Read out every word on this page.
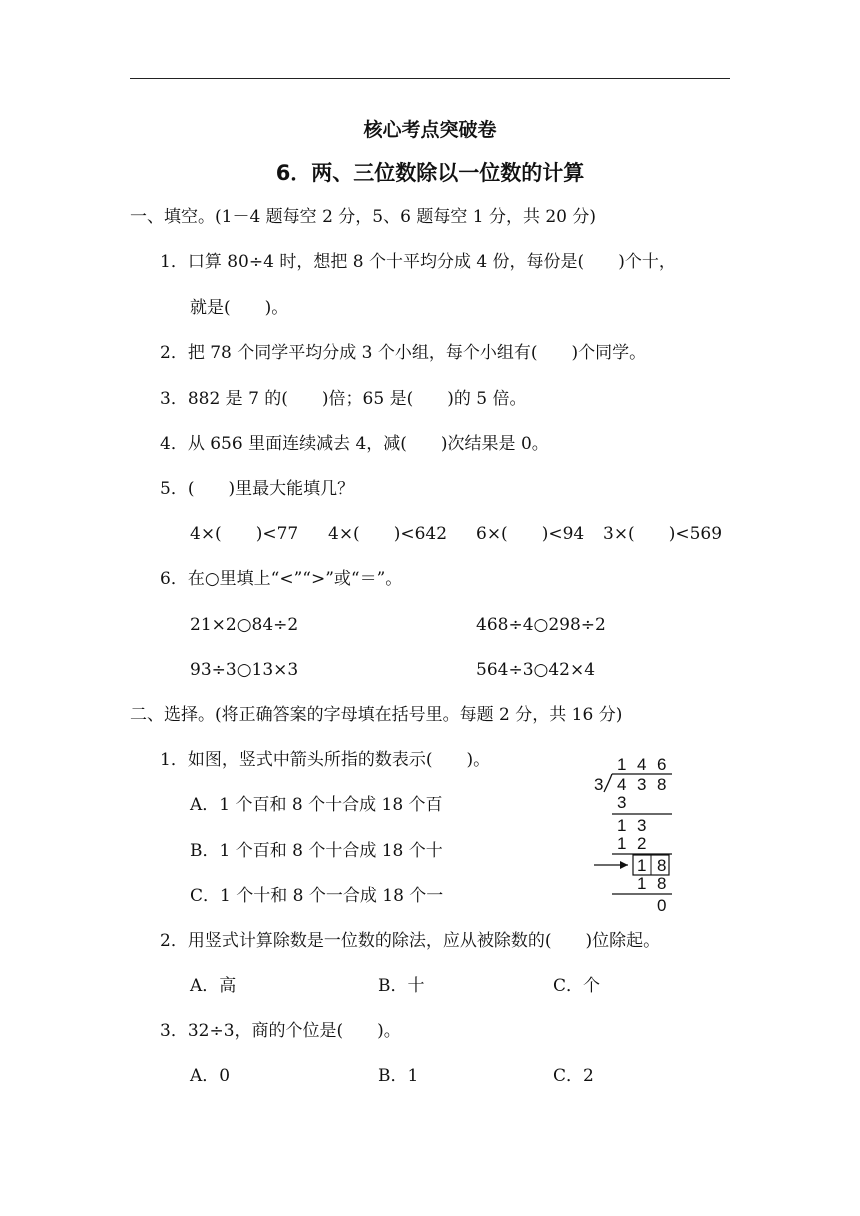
核心考点突破卷
6．两、三位数除以一位数的计算
一、填空。(1－4 题每空 2 分，5、6 题每空 1 分，共 20 分)
1．口算 80÷4 时，想把 8 个十平均分成 4 份，每份是(　　)个十，
就是(　　)。
2．把 78 个同学平均分成 3 个小组，每个小组有(　　)个同学。
3．882 是 7 的(　　)倍；65 是(　　)的 5 倍。
4．从 656 里面连续减去 4，减(　　)次结果是 0。
5．(　　)里最大能填几？
4×(　　)<77 4×(　　)<642 6×(　　)<94 3×(　　)<569
6．在○里填上“<”“>”或“＝”。
21×2○84÷2	468÷4○298÷2
93÷3○13×3	564÷3○42×4
二、选择。(将正确答案的字母填在括号里。每题 2 分，共 16 分)
1．如图，竖式中箭头所指的数表示(　　)。
A．1 个百和 8 个十合成 18 个百
B．1 个百和 8 个十合成 18 个十
C．1 个十和 8 个一合成 18 个一
2．用竖式计算除数是一位数的除法，应从被除数的(　　)位除起。
A．高	B．十	C．个
3．32÷3，商的个位是(　　)。
A．0	B．1	C．2
1 4 6
3 4 3 8
3
1 3
1 2
1 8
1 8
0
